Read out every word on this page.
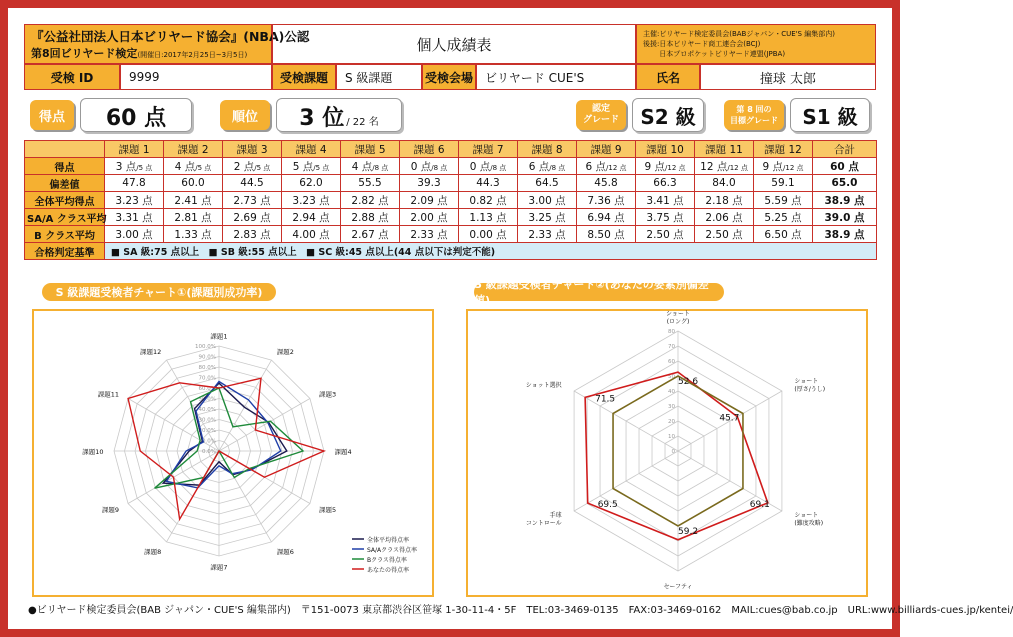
『公益社団法人日本ビリヤード協会』(NBA)公認
第8回ビリヤード検定(開催日:2017年2月25日~3月5日)
個人成績表
主催:ビリヤード検定委員会(BABジャパン・CUE'S 編集部内)
後援:日本ビリヤード商工連合会(BCJ)
　　 日本プロポケットビリヤード連盟(JPBA)
受検 ID	9999	受検課題	S 級課題	受検会場	ビリヤード CUE'S	氏名	撞球 太郎
得点	60 点	順位	3 位 / 22 名
認定
グレード	S2 級	第 8 回の
目標グレード	S1 級
	課題 1	課題 2	課題 3	課題 4	課題 5	課題 6	課題 7	課題 8	課題 9	課題 10	課題 11	課題 12	合計
得点	3 点/5 点	4 点/5 点	2 点/5 点	5 点/5 点	4 点/8 点	0 点/8 点	0 点/8 点	6 点/8 点	6 点/12 点	9 点/12 点	12 点/12 点	9 点/12 点	60 点
偏差値	47.8	60.0	44.5	62.0	55.5	39.3	44.3	64.5	45.8	66.3	84.0	59.1	65.0
全体平均得点	3.23 点	2.41 点	2.73 点	3.23 点	2.82 点	2.09 点	0.82 点	3.00 点	7.36 点	3.41 点	2.18 点	5.59 点	38.9 点
SA/A クラス平均	3.31 点	2.81 点	2.69 点	2.94 点	2.88 点	2.00 点	1.13 点	3.25 点	6.94 点	3.75 点	2.06 点	5.25 点	39.0 点
B クラス平均	3.00 点	1.33 点	2.83 点	4.00 点	2.67 点	2.33 点	0.00 点	2.33 点	8.50 点	2.50 点	2.50 点	6.50 点	38.9 点
合格判定基準	■ SA 級:75 点以上　■ SB 級:55 点以上　■ SC 級:45 点以上(44 点以下は判定不能)												
S 級課題受検者チャート①(課題別成功率)
0.0%
10.0%
20.0%
30.0%
40.0%
50.0%
60.0%
70.0%
80.0%
90.0%
100.0%
課題1
課題2
課題3
課題4
課題5
課題6
課題7
課題8
課題9
課題10
課題11
課題12
全体平均得点率
SA/Aクラス得点率
Bクラス得点率
あなたの得点率
S 級課題受検者チャート②(あなたの要素別偏差値)
0
10
20
30
40
50
60
70
80
ショート(ロング)
ショート(厚さ/うし)
ショート(難度攻略)
セーフティ
手球コントロール
ショット選択	52.6
45.7
69.1
59.2
69.5
71.5
●ビリヤード検定委員会(BAB ジャパン・CUE'S 編集部内)　〒151-0073 東京都渋谷区笹塚 1-30-11-4・5F　TEL:03-3469-0135　FAX:03-3469-0162　MAIL:cues@bab.co.jp　URL:www.billiards-cues.jp/kentei/
